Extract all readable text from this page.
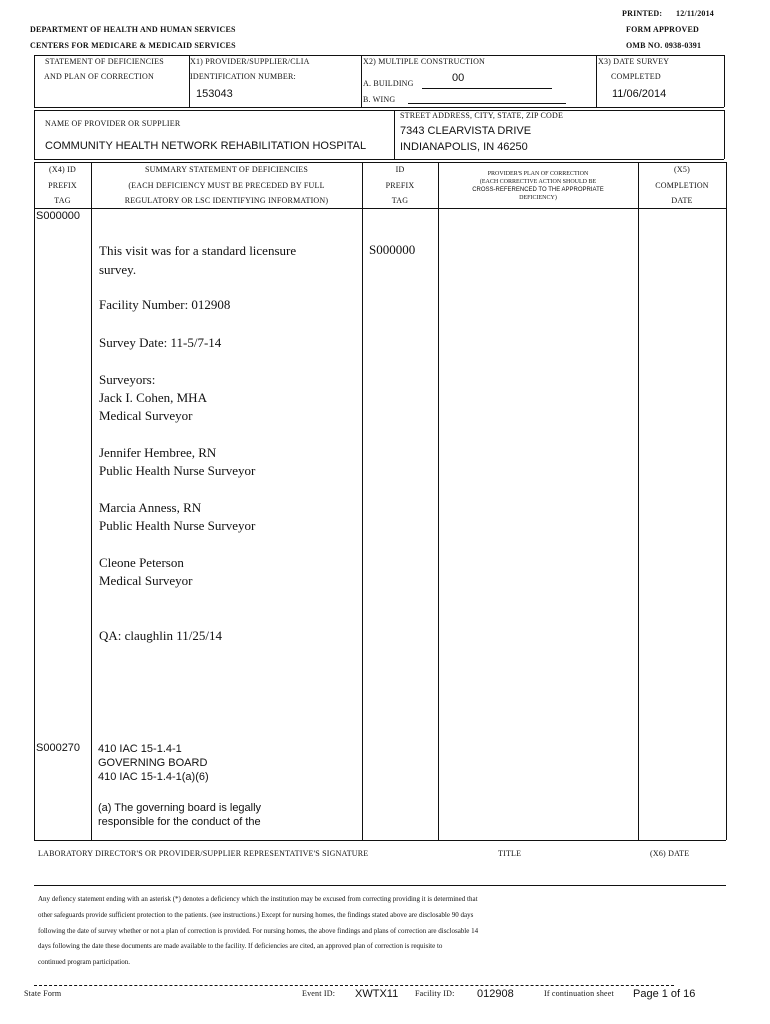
PRINTED: 12/11/2014
FORM APPROVED
OMB NO. 0938-0391
DEPARTMENT OF HEALTH AND HUMAN SERVICES
CENTERS FOR MEDICARE & MEDICAID SERVICES
STATEMENT OF DEFICIENCIES
AND PLAN OF CORRECTION
X1) PROVIDER/SUPPLIER/CLIA
IDENTIFICATION NUMBER:
153043
X2) MULTIPLE CONSTRUCTION
A. BUILDING	00
B. WING
X3) DATE SURVEY
COMPLETED
11/06/2014
NAME OF PROVIDER OR SUPPLIER
COMMUNITY HEALTH NETWORK REHABILITATION HOSPITAL
STREET ADDRESS, CITY, STATE, ZIP CODE
7343 CLEARVISTA DRIVE
INDIANAPOLIS, IN 46250
(X4) ID
PREFIX
TAG
SUMMARY STATEMENT OF DEFICIENCIES
(EACH DEFICIENCY MUST BE PRECEDED BY FULL
REGULATORY OR LSC IDENTIFYING INFORMATION)
ID
PREFIX
TAG
PROVIDER'S PLAN OF CORRECTION
(EACH CORRECTIVE ACTION SHOULD BE
CROSS-REFERENCED TO THE APPROPRIATE
DEFICIENCY)
(X5)
COMPLETION
DATE
S000000
S000000
This visit was for a standard licensure
survey.
Facility Number: 012908
Survey Date: 11-5/7-14
Surveyors:
Jack I. Cohen, MHA
Medical Surveyor
Jennifer Hembree, RN
Public Health Nurse Surveyor
Marcia Anness, RN
Public Health Nurse Surveyor
Cleone Peterson
Medical Surveyor
QA: claughlin 11/25/14
S000270 410 IAC 15-1.4-1
GOVERNING BOARD
410 IAC 15-1.4-1(a)(6)
(a) The governing board is legally
responsible for the conduct of the
LABORATORY DIRECTOR'S OR PROVIDER/SUPPLIER REPRESENTATIVE'S SIGNATURE	TITLE	(X6) DATE
Any defiency statement ending with an asterisk (*) denotes a deficiency which the institution may be excused from correcting providing it is determined that
other safeguards provide sufficient protection to the patients. (see instructions.) Except for nursing homes, the findings stated above are disclosable 90 days
following the date of survey whether or not a plan of correction is provided. For nursing homes, the above findings and plans of correction are disclosable 14
days following the date these documents are made available to the facility. If deficiencies are cited, an approved plan of correction is requisite to
continued program participation.
State Form	Event ID: XWTX11 Facility ID: 012908	If continuation sheet Page 1 of 16
